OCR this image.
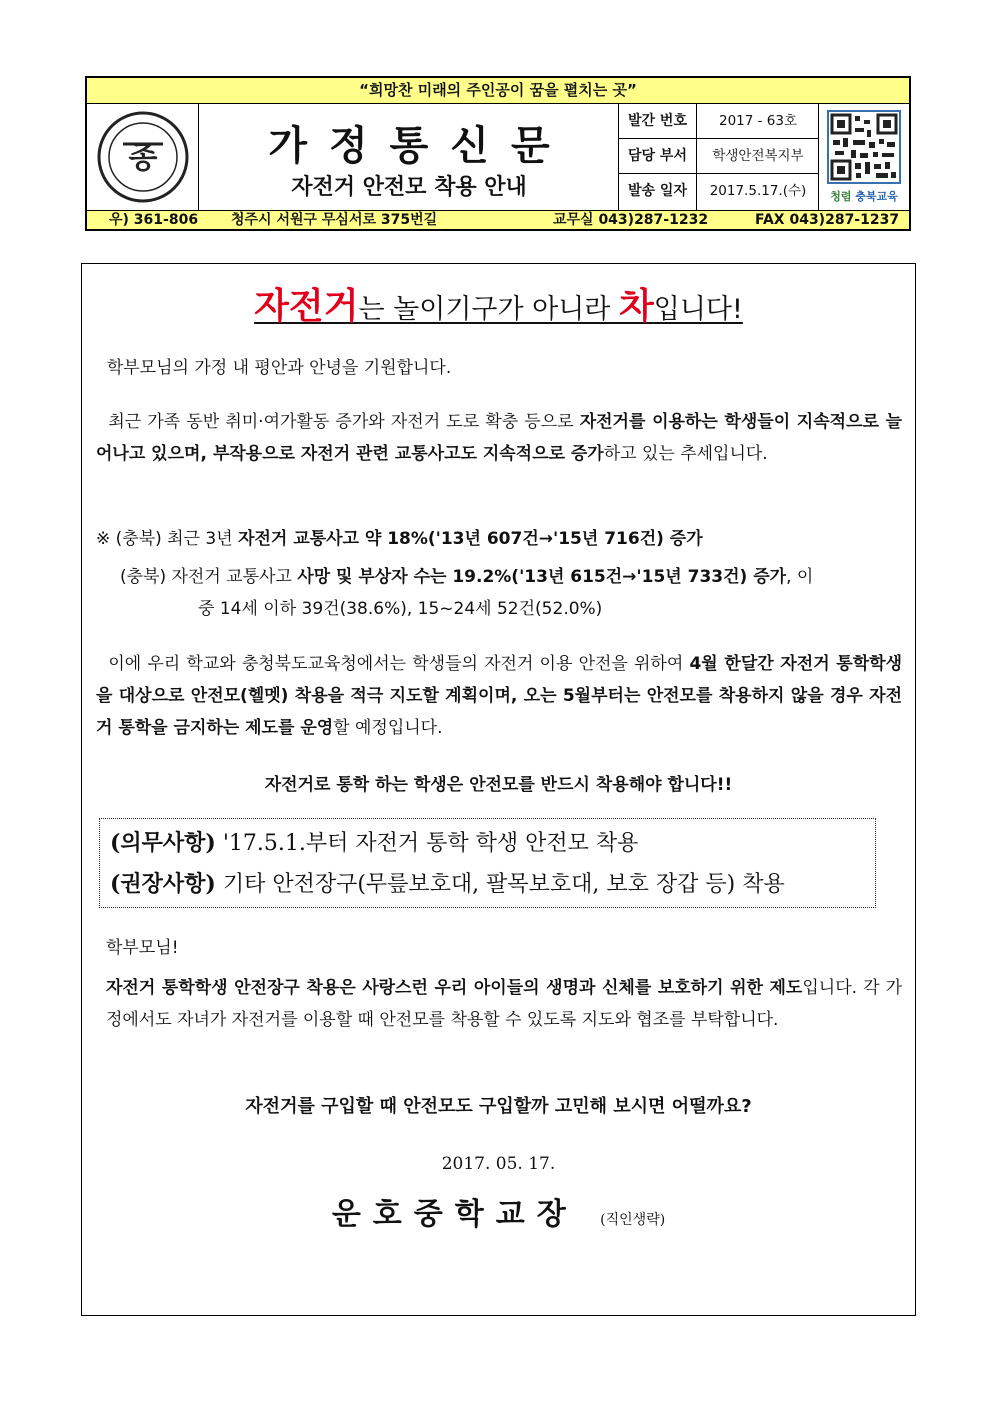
“희망찬 미래의 주인공이 꿈을 펼치는 곳”
종	가정통신문
자전거 안전모 착용 안내
발간 번호	2017 - 63호
담당 부서	학생안전복지부
발송 일자	2017.5.17.(수)	청렴 충북교육
우) 361-806 청주시 서원구 무심서로 375번길	교무실 043)287-1232	FAX 043)287-1237
자전거는 놀이기구가 아니라 차입니다!
학부모님의 가정 내 평안과 안녕을 기원합니다.
최근 가족 동반 취미·여가활동 증가와 자전거 도로 확충 등으로 자전거를 이용하는 학생들이 지속적으로 늘어나고 있으며, 부작용으로 자전거 관련 교통사고도 지속적으로 증가하고 있는 추세입니다.
※ (충북) 최근 3년 자전거 교통사고 약 18%('13년 607건→'15년 716건) 증가
(충북) 자전거 교통사고 사망 및 부상자 수는 19.2%('13년 615건→'15년 733건) 증가, 이
중 14세 이하 39건(38.6%), 15~24세 52건(52.0%)
이에 우리 학교와 충청북도교육청에서는 학생들의 자전거 이용 안전을 위하여 4월 한달간 자전거 통학학생을 대상으로 안전모(헬멧) 착용을 적극 지도할 계획이며, 오는 5월부터는 안전모를 착용하지 않을 경우 자전거 통학을 금지하는 제도를 운영할 예정입니다.
자전거로 통학 하는 학생은 안전모를 반드시 착용해야 합니다!!
(의무사항) '17.5.1.부터 자전거 통학 학생 안전모 착용
(권장사항) 기타 안전장구(무릎보호대, 팔목보호대, 보호 장갑 등) 착용
학부모님!
자전거 통학학생 안전장구 착용은 사랑스런 우리 아이들의 생명과 신체를 보호하기 위한 제도입니다. 각 가정에서도 자녀가 자전거를 이용할 때 안전모를 착용할 수 있도록 지도와 협조를 부탁합니다.
자전거를 구입할 때 안전모도 구입할까 고민해 보시면 어떨까요?
2017. 05. 17.
운호중학교장 (직인생략)
